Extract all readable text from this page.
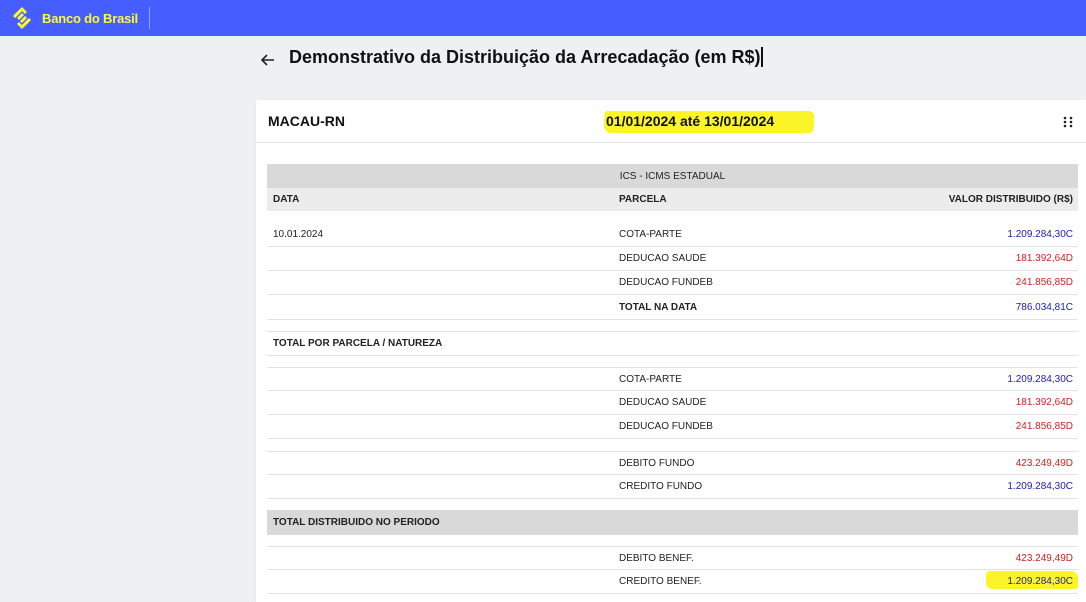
Banco do Brasil
Demonstrativo da Distribuição da Arrecadação (em R$)
MACAU-RN	01/01/2024 até 13/01/2024
ICS - ICMS ESTADUAL
DATA	PARCELA	VALOR DISTRIBUIDO (R$)
10.01.2024	COTA-PARTE	1.209.284,30C
DEDUCAO SAUDE	181.392,64D
DEDUCAO FUNDEB	241.856,85D
TOTAL NA DATA	786.034,81C
TOTAL POR PARCELA / NATUREZA
COTA-PARTE	1.209.284,30C
DEDUCAO SAUDE	181.392,64D
DEDUCAO FUNDEB	241.856,85D
DEBITO FUNDO	423.249,49D
CREDITO FUNDO	1.209.284,30C
TOTAL DISTRIBUIDO NO PERIODO
DEBITO BENEF.	423.249,49D
CREDITO BENEF.	1.209.284,30C
